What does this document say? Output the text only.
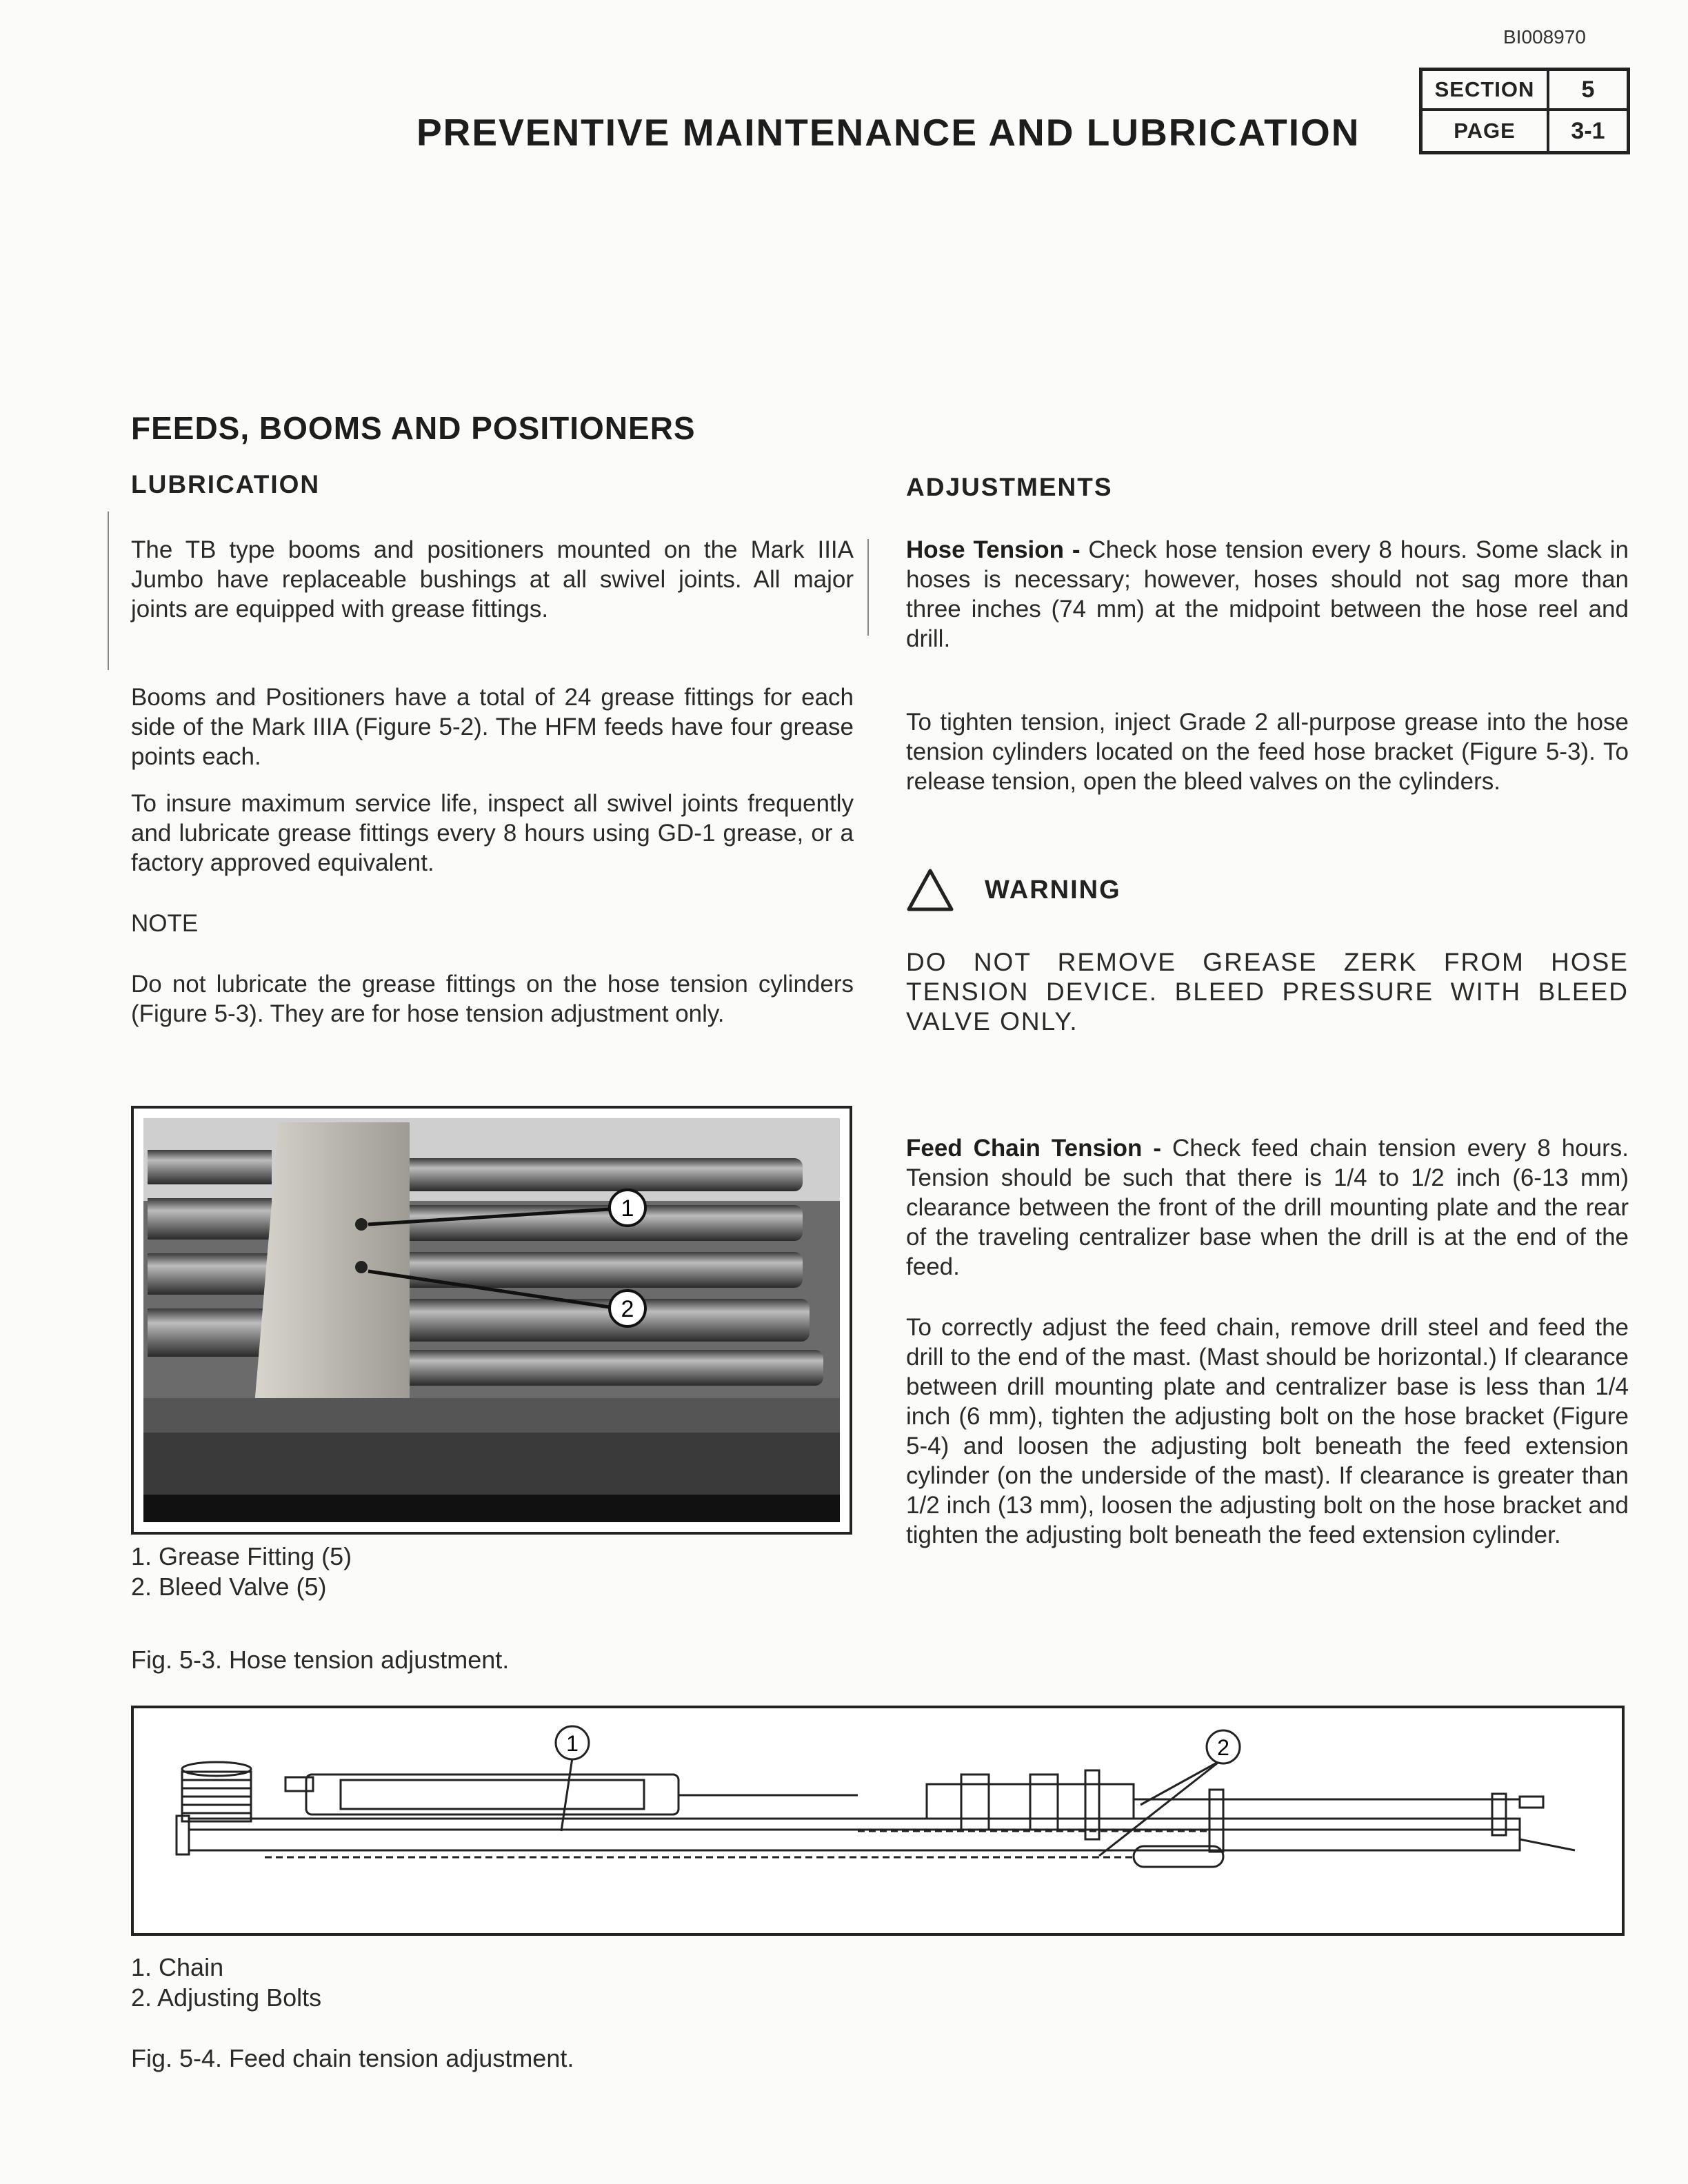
BI008970
SECTION	5
PAGE	3-1
PREVENTIVE MAINTENANCE AND LUBRICATION
FEEDS, BOOMS AND POSITIONERS
LUBRICATION
The TB type booms and positioners mounted on the Mark IIIA Jumbo have replaceable bushings at all swivel joints. All major joints are equipped with grease fittings.
Booms and Positioners have a total of 24 grease fittings for each side of the Mark IIIA (Figure 5-2). The HFM feeds have four grease points each.
To insure maximum service life, inspect all swivel joints frequently and lubricate grease fittings every 8 hours using GD-1 grease, or a factory approved equivalent.
NOTE
Do not lubricate the grease fittings on the hose tension cylinders (Figure 5-3). They are for hose tension adjustment only.
1
2
1. Grease Fitting (5)
2. Bleed Valve (5)
Fig. 5-3. Hose tension adjustment.
ADJUSTMENTS
Hose Tension - Check hose tension every 8 hours. Some slack in hoses is necessary; however, hoses should not sag more than three inches (74 mm) at the midpoint between the hose reel and drill.
To tighten tension, inject Grade 2 all-purpose grease into the hose tension cylinders located on the feed hose bracket (Figure 5-3). To release tension, open the bleed valves on the cylinders.
WARNING
DO NOT REMOVE GREASE ZERK FROM HOSE TENSION DEVICE. BLEED PRESSURE WITH BLEED VALVE ONLY.
Feed Chain Tension - Check feed chain tension every 8 hours. Tension should be such that there is 1/4 to 1/2 inch (6-13 mm) clearance between the front of the drill mounting plate and the rear of the traveling centralizer base when the drill is at the end of the feed.
To correctly adjust the feed chain, remove drill steel and feed the drill to the end of the mast. (Mast should be horizontal.) If clearance between drill mounting plate and centralizer base is less than 1/4 inch (6 mm), tighten the adjusting bolt on the hose bracket (Figure 5-4) and loosen the adjusting bolt beneath the feed extension cylinder (on the underside of the mast). If clearance is greater than 1/2 inch (13 mm), loosen the adjusting bolt on the hose bracket and tighten the adjusting bolt beneath the feed extension cylinder.
1	2
1. Chain
2. Adjusting Bolts
Fig. 5-4. Feed chain tension adjustment.
